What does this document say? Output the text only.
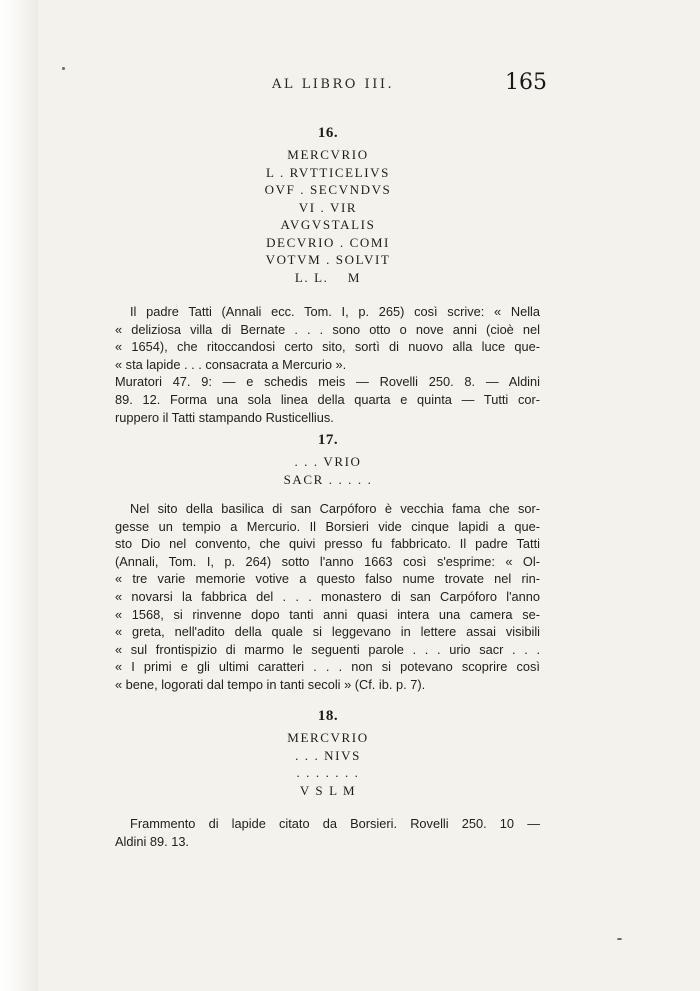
AL LIBRO III.	165
16.
MERCVRIO
L . RVTTICELIVS
OVF . SECVNDVS
VI . VIR
AVGVSTALIS
DECVRIO . COMI
VOTVM . SOLVIT
L. L.    M
Il padre Tatti (Annali ecc. Tom. I, p. 265) così scrive: « Nella
« deliziosa villa di Bernate . . . sono otto o nove anni (cioè nel
« 1654), che ritoccandosi certo sito, sortì di nuovo alla luce que-
« sta lapide . . . consacrata a Mercurio ».
Muratori 47. 9: — e schedis meis — Rovelli 250. 8. — Aldini
89. 12. Forma una sola linea della quarta e quinta — Tutti cor-
ruppero il Tatti stampando Rusticellius.
17.
. . . VRIO
SACR . . . . .
Nel sito della basilica di san Carpóforo è vecchia fama che sor-
gesse un tempio a Mercurio. Il Borsieri vide cinque lapidi a que-
sto Dio nel convento, che quivi presso fu fabbricato. Il padre Tatti
(Annali, Tom. I, p. 264) sotto l'anno 1663 così s'esprime: « Ol-
« tre varie memorie votive a questo falso nume trovate nel rin-
« novarsi la fabbrica del . . . monastero di san Carpóforo l'anno
« 1568, si rinvenne dopo tanti anni quasi intera una camera se-
« greta, nell'adito della quale si leggevano in lettere assai visibili
« sul frontispizio di marmo le seguenti parole . . . urio sacr . . .
« I primi e gli ultimi caratteri . . . non si potevano scoprire così
« bene, logorati dal tempo in tanti secoli » (Cf. ib. p. 7).
18.
MERCVRIO
. . . NIVS
. . . . . . .
V S L M
Frammento di lapide citato da Borsieri. Rovelli 250. 10 —
Aldini 89. 13.
